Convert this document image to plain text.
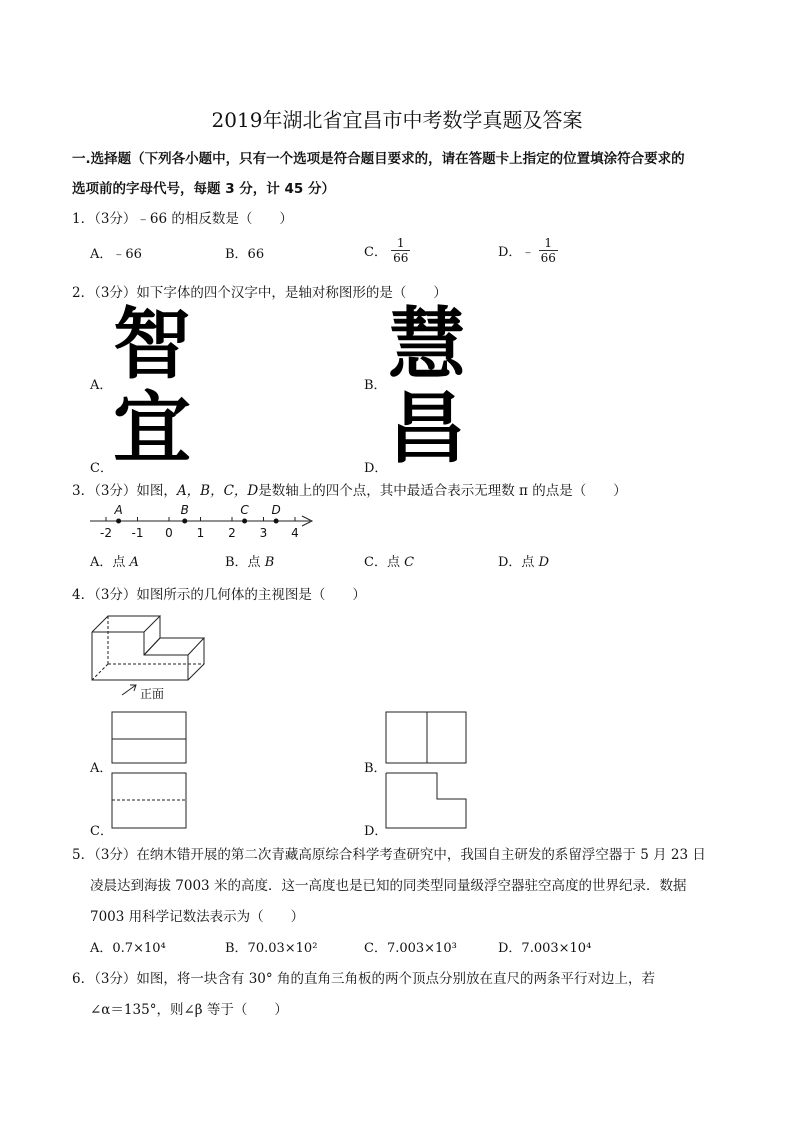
2019年湖北省宜昌市中考数学真题及答案
一.选择题（下列各小题中，只有一个选项是符合题目要求的，请在答题卡上指定的位置填涂符合要求的
选项前的字母代号，每题 3 分，计 45 分）
1．（3分）﹣66 的相反数是（　　）
A．﹣66	B．66	C． $\frac{1}{66}$	D．﹣ $\frac{1}{66}$
2．（3分）如下字体的四个汉字中，是轴对称图形的是（　　）
智
A．	慧
B．
宜
C．	昌
D．
3．（3分）如图，A，B，C，D是数轴上的四个点，其中最适合表示无理数 π 的点是（　　）
-2 -1 0 1 2 3 4
A	B	C D
A．点 A	B．点 B	C．点 C	D．点 D
4．（3分）如图所示的几何体的主视图是（　　）
正面
A．	B．
C．	D．
5．（3分）在纳木错开展的第二次青藏高原综合科学考查研究中，我国自主研发的系留浮空器于 5 月 23 日
凌晨达到海拔 7003 米的高度．这一高度也是已知的同类型同量级浮空器驻空高度的世界纪录．数据
7003 用科学记数法表示为（　　）
A．0.7×10⁴	B．70.03×10²	C．7.003×10³	D．7.003×10⁴
6．（3分）如图，将一块含有 30° 角的直角三角板的两个顶点分别放在直尺的两条平行对边上，若
∠α＝135°，则∠β 等于（　　）
